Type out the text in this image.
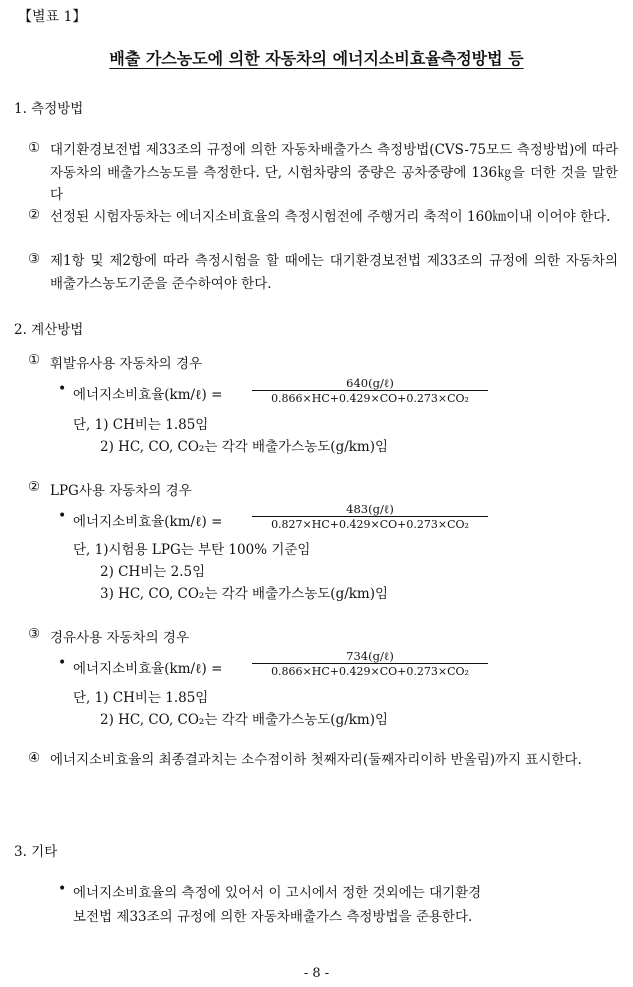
【별표 1】
배출 가스농도에 의한 자동차의 에너지소비효율측정방법 등
1. 측정방법
① 대기환경보전법 제33조의 규정에 의한 자동차배출가스 측정방법(CVS-75모드 측정방법)에 따라 자동차의 배출가스농도를 측정한다. 단, 시험차량의 중량은 공차중량에 136㎏을 더한 것을 말한다
② 선정된 시험자동차는 에너지소비효율의 측정시험전에 주행거리 축적이 160㎞이내 이어야 한다.
③ 제1항 및 제2항에 따라 측정시험을 할 때에는 대기환경보전법 제33조의 규정에 의한 자동차의 배출가스농도기준을 준수하여야 한다.
2. 계산방법
① 휘발유사용 자동차의 경우
• 에너지소비효율(km/ℓ) =
640(g/ℓ)
0.866×HC+0.429×CO+0.273×CO₂
단, 1) CH비는 1.85임
2) HC, CO, CO₂는 각각 배출가스농도(g/km)임
② LPG사용 자동차의 경우
• 에너지소비효율(km/ℓ) =
483(g/ℓ)
0.827×HC+0.429×CO+0.273×CO₂
단, 1)시험용 LPG는 부탄 100% 기준임
2) CH비는 2.5임
3) HC, CO, CO₂는 각각 배출가스농도(g/km)임
③ 경유사용 자동차의 경우
• 에너지소비효율(km/ℓ) =
734(g/ℓ)
0.866×HC+0.429×CO+0.273×CO₂
단, 1) CH비는 1.85임
2) HC, CO, CO₂는 각각 배출가스농도(g/km)임
④ 에너지소비효율의 최종결과치는 소수점이하 첫째자리(둘째자리이하 반올림)까지 표시한다.
3. 기타
• 에너지소비효율의 측정에 있어서 이 고시에서 정한 것외에는 대기환경
보전법 제33조의 규정에 의한 자동차배출가스 측정방법을 준용한다.
- 8 -
